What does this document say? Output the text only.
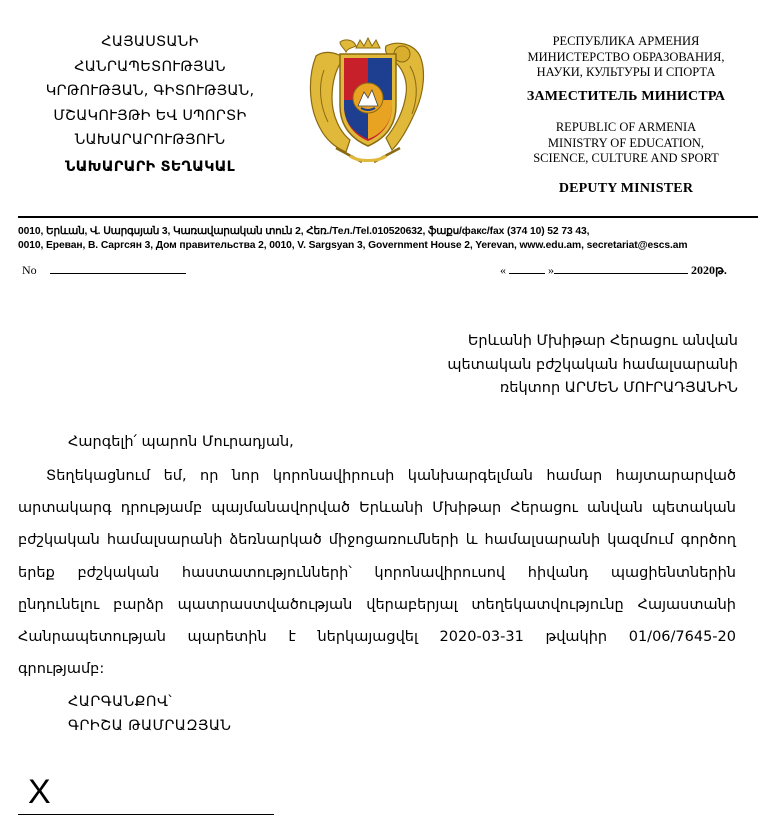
ՀԱՅԱՍՏԱՆԻ
ՀԱՆՐԱՊԵՏՈՒԹՅԱՆ
ԿՐԹՈՒԹՅԱՆ, ԳԻՏՈՒԹՅԱՆ,
ՄՇԱԿՈՒՅԹԻ ԵՎ ՍՊՈՐՏԻ
ՆԱԽԱՐԱՐՈՒԹՅՈՒՆ
ՆԱԽԱՐԱՐԻ ՏԵՂԱԿԱԼ
РЕСПУБЛИКА АРМЕНИЯ
МИНИСТЕРСТВО ОБРАЗОВАНИЯ,
НАУКИ, КУЛЬТУРЫ И СПОРТА
ЗАМЕСТИТЕЛЬ МИНИСТРА
REPUBLIC OF ARMENIA
MINISTRY OF EDUCATION,
SCIENCE, CULTURE AND SPORT
DEPUTY MINISTER
0010, Երևան, Վ. Սարգսյան 3, Կառավարական տուն 2, Հեռ./Тел./Tel.010520632, ֆաքս/факс/fax (374 10) 52 73 43,
0010, Ереван, В. Саргсян 3, Дом правительства 2, 0010, V. Sargsyan 3, Government House 2, Yerevan, www.edu.am, secretariat@escs.am
No	«	»	2020թ.
Երևանի Մխիթար Հերացու անվան
պետական բժշկական համալսարանի
ռեկտոր ԱՐՄԵՆ ՄՈՒՐԱԴՅԱՆԻՆ
Հարգելի՛ պարոն Մուրադյան,
Տեղեկացնում եմ, որ նոր կորոնավիրուսի կանխարգելման համար հայտարարված արտակարգ դրությամբ պայմանավորված Երևանի Մխիթար Հերացու անվան պետական բժշկական համալսարանի ձեռնարկած միջոցառումների և համալսարանի կազմում գործող երեք բժշկական հաստատությունների՝ կորոնավիրուսով հիվանդ պացիենտներին ընդունելու բարձր պատրաստվածության վերաբերյալ տեղեկատվությունը Հայաստանի Հանրապետության պարետին է ներկայացվել 2020-03-31 թվակիր 01/06/7645-20 գրությամբ:
ՀԱՐԳԱՆՔՈՎ՝
ԳՐԻՇԱ ԹԱՄՐԱԶՅԱՆ
X
